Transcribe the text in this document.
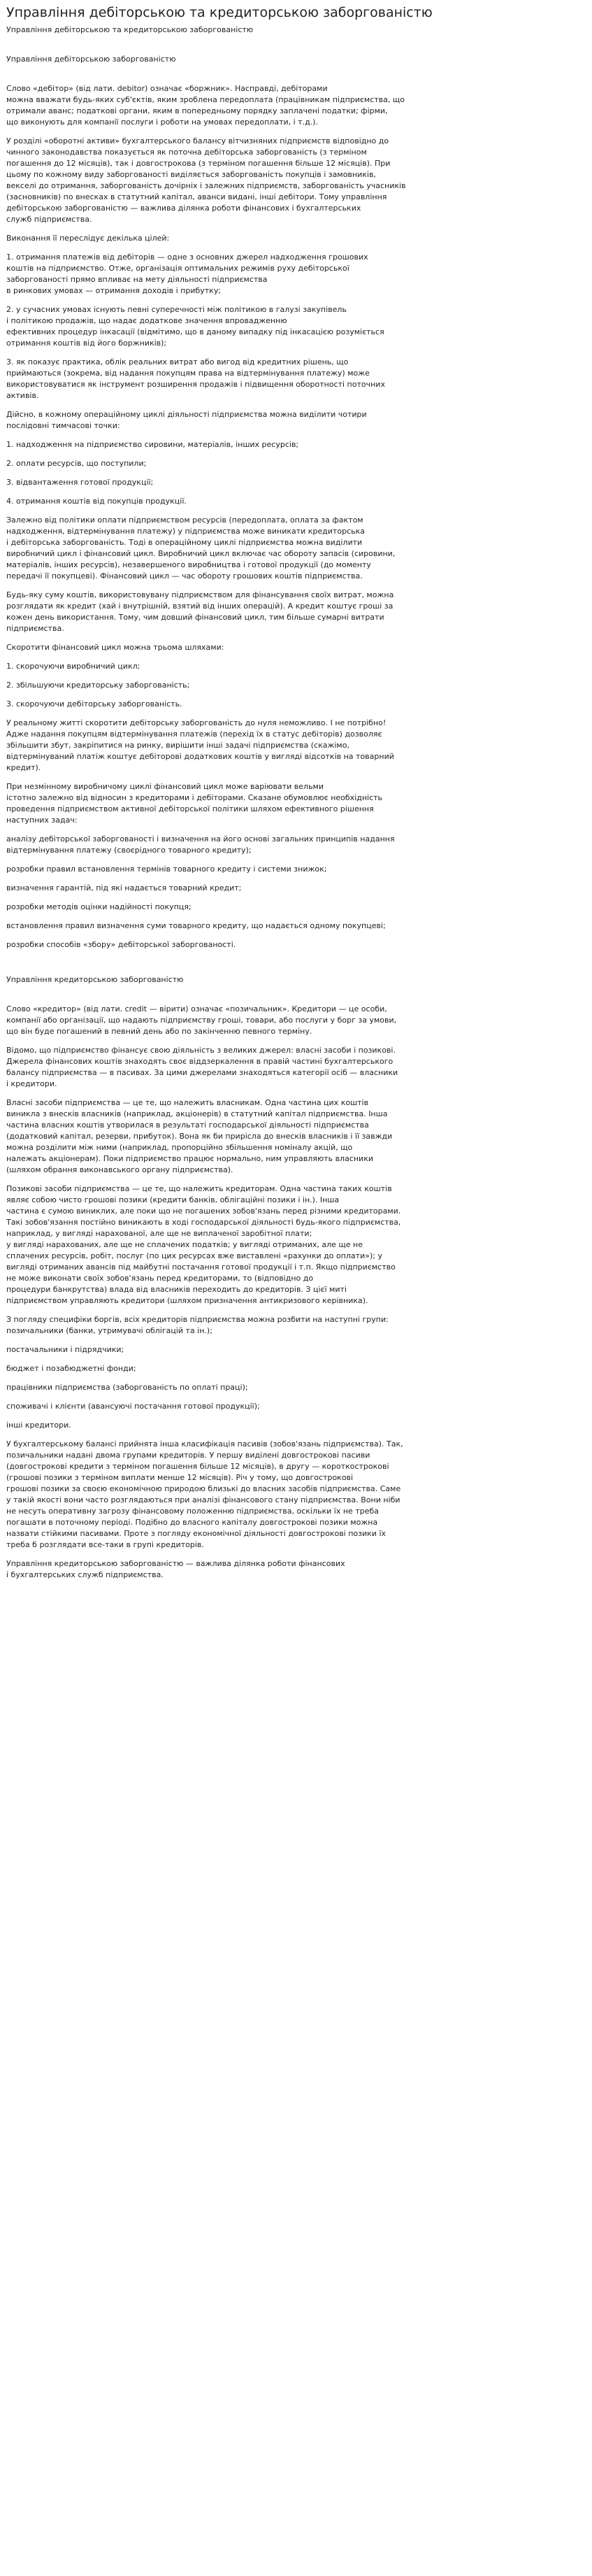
Управління дебіторською та кредиторською заборгованістю
Управління дебіторською та кредиторською заборгованістю
Управління дебіторською заборгованістю

Слово «дебітор» (від лати. debitor) означає «боржник». Насправді, дебіторами
можна вважати будь-яких суб'єктів, яким зроблена передоплата (працівникам підприємства, що
отримали аванс; податкові органи, яким в попередньому порядку заплачені податки; фірми,
що виконують для компанії послуги і роботи на умовах передоплати, і т.д.).

У розділі «оборотні активи» бухгалтерського балансу вітчизняних підприємств відповідно до
чинного законодавства показується як поточна дебіторська заборгованість (з терміном
погашення до 12 місяців), так і довгострокова (з терміном погашення більше 12 місяців). При
цьому по кожному виду заборгованості виділяється заборгованість покупців і замовників,
векселі до отримання, заборгованість дочірніх і залежних підприємств, заборгованість учасників
(засновників) по внесках в статутний капітал, аванси видані, інші дебітори. Тому управління
дебіторською заборгованістю — важлива ділянка роботи фінансових і бухгалтерських
служб підприємства.

Виконання її переслідує декілька цілей:

1. отримання платежів від дебіторів — одне з основних джерел надходження грошових
коштів на підприємство. Отже, організація оптимальних режимів руху дебіторської
заборгованості прямо впливає на мету діяльності підприємства
в ринкових умовах — отримання доходів і прибутку;

2. у сучасних умовах існують певні суперечності між політикою в галузі закупівель
і політикою продажів, що надає додаткове значення впровадженню
ефективних процедур інкасації (відмітимо, що в даному випадку під інкасацією розуміється
отримання коштів від його боржників);

3. як показує практика, облік реальних витрат або вигод від кредитних рішень, що
приймаються (зокрема, від надання покупцям права на відтермінування платежу) може
використовуватися як інструмент розширення продажів і підвищення оборотності поточних
активів.

Дійсно, в кожному операційному циклі діяльності підприємства можна виділити чотири
послідовні тимчасові точки:

1. надходження на підприємство сировини, матеріалів, інших ресурсів;

2. оплати ресурсів, що поступили;

3. відвантаження готової продукції;

4. отримання коштів від покупців продукції.

Залежно від політики оплати підприємством ресурсів (передоплата, оплата за фактом
надходження, відтермінування платежу) у підприємства може виникати кредиторська
і дебіторська заборгованість. Тоді в операційному циклі підприємства можна виділити
виробничий цикл і фінансовий цикл. Виробничий цикл включає час обороту запасів (сировини,
матеріалів, інших ресурсів), незавершеного виробництва і готової продукції (до моменту
передачі її покупцеві). Фінансовий цикл — час обороту грошових коштів підприємства.

Будь-яку суму коштів, використовувану підприємством для фінансування своїх витрат, можна
розглядати як кредит (хай і внутрішній, взятий від інших операцій). А кредит коштує гроші за
кожен день використання. Тому, чим довший фінансовий цикл, тим більше сумарні витрати
підприємства.

Скоротити фінансовий цикл можна трьома шляхами:

1. скорочуючи виробничий цикл;

2. збільшуючи кредиторську заборгованість;

3. скорочуючи дебіторську заборгованість.

У реальному житті скоротити дебіторську заборгованість до нуля неможливо. І не потрібно!
Адже надання покупцям відтермінування платежів (перехід їх в статус дебіторів) дозволяє
збільшити збут, закріпитися на ринку, вирішити інші задачі підприємства (скажімо,
відтермінуваний платіж коштує дебіторові додаткових коштів у вигляді відсотків на товарний
кредит).

При незмінному виробничому циклі фінансовий цикл може варіювати вельми
істотно залежно від відносин з кредиторами і дебіторами. Сказане обумовлює необхідність
проведення підприємством активної дебіторської політики шляхом ефективного рішення
наступних задач:

аналізу дебіторської заборгованості і визначення на його основі загальних принципів надання
відтермінування платежу (своєрідного товарного кредиту);

розробки правил встановлення термінів товарного кредиту і системи знижок;

визначення гарантій, під які надається товарний кредит;

розробки методів оцінки надійності покупця;

встановлення правил визначення суми товарного кредиту, що надається одному покупцеві;

розробки способів «збору» дебіторської заборгованості.

Управління кредиторською заборгованістю

Слово «кредитор» (від лати. credit — вірити) означає «позичальник». Кредитори — це особи,
компанії або організації, що надають підприємству гроші, товари, або послуги у борг за умови,
що він буде погашений в певний день або по закінченню певного терміну.

Відомо, що підприємство фінансує свою діяльність з великих джерел: власні засоби і позикові.
Джерела фінансових коштів знаходять своє віддзеркалення в правій частині бухгалтерського
балансу підприємства — в пасивах. За цими джерелами знаходяться категорії осіб — власники
і кредитори.

Власні засоби підприємства — це те, що належить власникам. Одна частина цих коштів
виникла з внесків власників (наприклад, акціонерів) в статутний капітал підприємства. Інша
частина власних коштів утворилася в результаті господарської діяльності підприємства
(додатковий капітал, резерви, прибуток). Вона як би прирісла до внесків власників і її завжди
можна розділити між ними (наприклад, пропорційно збільшення номіналу акцій, що
належать акціонерам). Поки підприємство працює нормально, ним управляють власники
(шляхом обрання виконавського органу підприємства).

Позикові засоби підприємства — це те, що належить кредиторам. Одна частина таких коштів
являє собою чисто грошові позики (кредити банків, облігаційні позики і ін.). Інша
частина є сумою виниклих, але поки що не погашених зобов'язань перед різними кредиторами.
Такі зобов'язання постійно виникають в ході господарської діяльності будь-якого підприємства,
наприклад, у вигляді нарахованої, але ще не виплаченої заробітної плати;
у вигляді нарахованих, але ще не сплачених податків; у вигляді отриманих, але ще не
сплачених ресурсів, робіт, послуг (по цих ресурсах вже виставлені «рахунки до оплати»); у
вигляді отриманих авансів під майбутні постачання готової продукції і т.п. Якщо підприємство
не може виконати своїх зобов'язань перед кредиторами, то (відповідно до
процедури банкрутства) влада від власників переходить до кредиторів. З цієї миті
підприємством управляють кредитори (шляхом призначення антикризового керівника).

З погляду специфіки боргів, всіх кредиторів підприємства можна розбити на наступні групи:
позичальники (банки, утримувачі облігацій та ін.);

постачальники і підрядчики;

бюджет і позабюджетні фонди;

працівники підприємства (заборгованість по оплаті праці);

споживачі і клієнти (авансуючі постачання готової продукції);

інші кредитори.

У бухгалтерському балансі прийнята інша класифікація пасивів (зобов'язань підприємства). Так,
позичальники надані двома групами кредиторів. У першу виділені довгострокові пасиви
(довгострокові кредити з терміном погашення більше 12 місяців), в другу — короткострокові
(грошові позики з терміном виплати менше 12 місяців). Річ у тому, що довгострокові
грошові позики за своєю економічною природою близькі до власних засобів підприємства. Саме
у такій якості вони часто розглядаються при аналізі фінансового стану підприємства. Вони ніби
не несуть оперативну загрозу фінансовому положенню підприємства, оскільки їх не треба
погашати в поточному періоді. Подібно до власного капіталу довгострокові позики можна
назвати стійкими пасивами. Проте з погляду економічної діяльності довгострокові позики їх
треба б розглядати все-таки в групі кредиторів.

Управління кредиторською заборгованістю — важлива ділянка роботи фінансових
і бухгалтерських служб підприємства.
